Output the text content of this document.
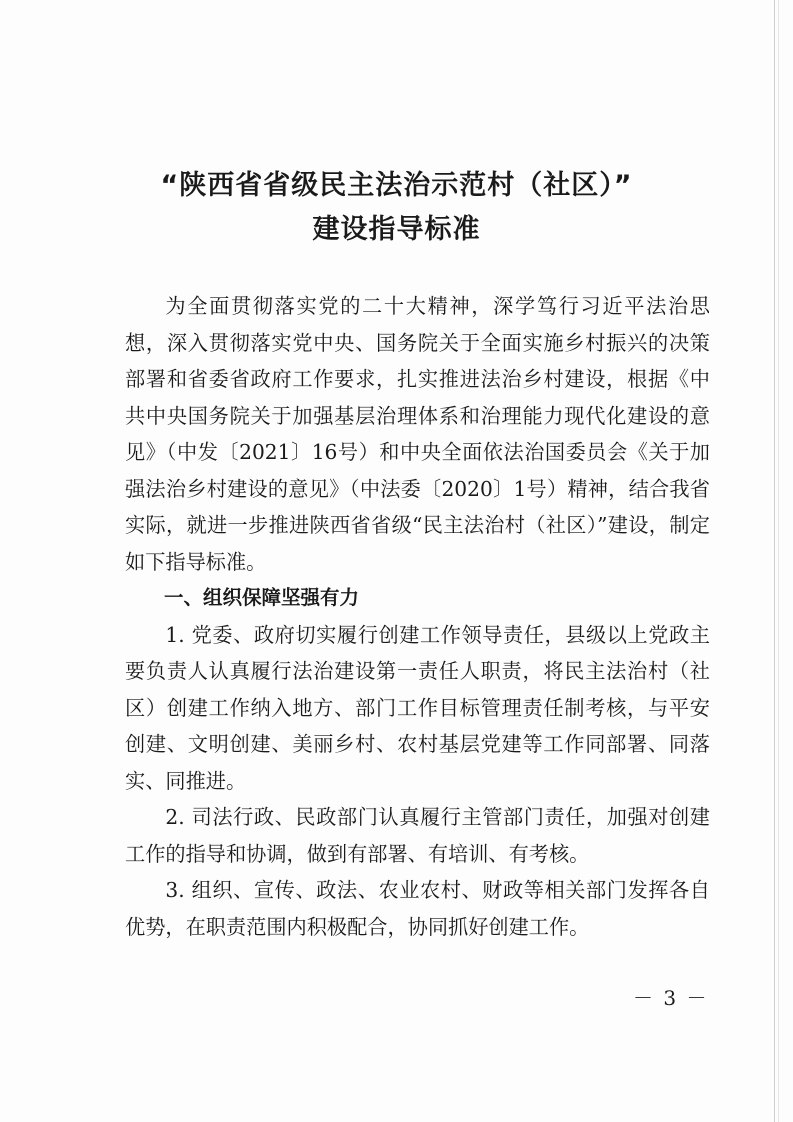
“陕西省省级民主法治示范村（社区）”
建设指导标准

为全面贯彻落实党的二十大精神，深学笃行习近平法治思想，深入贯彻落实党中央、国务院关于全面实施乡村振兴的决策部署和省委省政府工作要求，扎实推进法治乡村建设，根据《中共中央国务院关于加强基层治理体系和治理能力现代化建设的意见》（中发〔2021〕16号）和中央全面依法治国委员会《关于加强法治乡村建设的意见》（中法委〔2020〕1号）精神，结合我省实际，就进一步推进陕西省省级“民主法治村（社区）”建设，制定如下指导标准。

一、组织保障坚强有力

1. 党委、政府切实履行创建工作领导责任，县级以上党政主要负责人认真履行法治建设第一责任人职责，将民主法治村（社区）创建工作纳入地方、部门工作目标管理责任制考核，与平安创建、文明创建、美丽乡村、农村基层党建等工作同部署、同落实、同推进。

2. 司法行政、民政部门认真履行主管部门责任，加强对创建工作的指导和协调，做到有部署、有培训、有考核。

3. 组织、宣传、政法、农业农村、财政等相关部门发挥各自优势，在职责范围内积极配合，协同抓好创建工作。

－ 3 －
